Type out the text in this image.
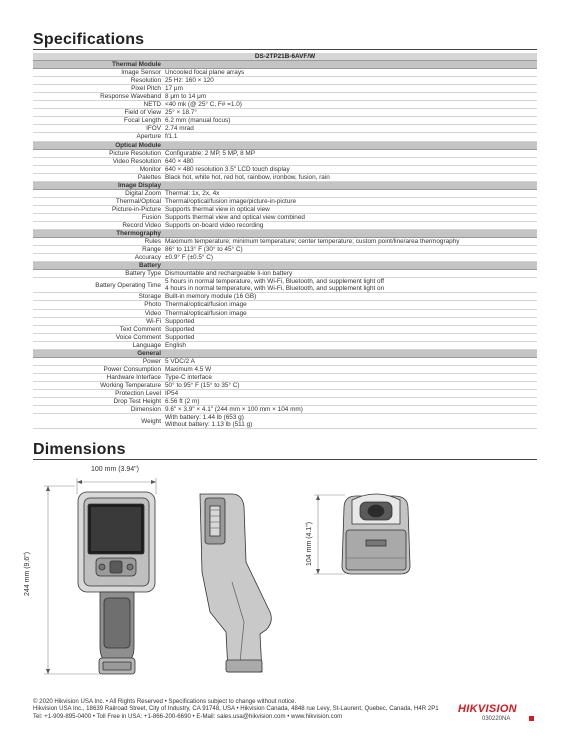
Specifications
DS-2TP21B-6AVF/W	
Thermal Module	
Image Sensor	Uncooled focal plane arrays
Resolution	25 Hz: 160 × 120
Pixel Pitch	17 μm
Response Waveband	8 μm to 14 μm
NETD	<40 mk (@ 25° C, F# =1.0)
Field of View	25° × 18.7°
Focal Length	6.2 mm (manual focus)
IFOV	2.74 mrad
Aperture	f/1.1
Optical Module	
Picture Resolution	Configurable: 2 MP, 5 MP, 8 MP
Video Resolution	640 × 480
Monitor	640 × 480 resolution 3.5" LCD touch display
Palettes	Black hot, white hot, red hot, rainbow, ironbow, fusion, rain
Image Display	
Digital Zoom	Thermal: 1x, 2x, 4x
Thermal/Optical	Thermal/optical/fusion image/picture-in-picture
Picture-in-Picture	Supports thermal view in optical view
Fusion	Supports thermal view and optical view combined
Record Video	Supports on-board video recording
Thermography	
Rules	Maximum temperature; minimum temperature; center temperature; custom point/line/area thermography
Range	86° to 113° F (30° to 45° C)
Accuracy	±0.9° F (±0.5° C)
Battery	
Battery Type	Dismountable and rechargeable li-ion battery
Battery Operating Time	5 hours in normal temperature, with Wi-Fi, Bluetooth, and supplement light off
4 hours in normal temperature, with Wi-Fi, Bluetooth, and supplement light on
Storage	Built-in memory module (16 GB)
Photo	Thermal/optical/fusion image
Video	Thermal/optical/fusion image
Wi-Fi	Supported
Text Comment	Supported
Voice Comment	Supported
Language	English
General	
Power	5 VDC/2 A
Power Consumption	Maximum 4.5 W
Hardware Interface	Type-C interface
Working Temperature	50° to 95° F (15° to 35° C)
Protection Level	IP54
Drop Test Height	6.56 ft (2 m)
Dimension	9.6" × 3.9" × 4.1" (244 mm × 100 mm × 104 mm)
Weight	With battery: 1.44 lb (653 g)
Without battery: 1.13 lb (511 g)
Dimensions
100 mm (3.94")
244 mm (9.6")
104 mm (4.1")
© 2020 Hikvision USA Inc. • All Rights Reserved • Specifications subject to change without notice.
Hikvision USA Inc., 18639 Railroad Street, City of Industry, CA 91748, USA • Hikvision Canada, 4848 rue Levy, St-Laurent, Quebec, Canada, H4R 2P1
Tel: +1-909-895-0400 • Toll Free in USA: +1-866-200-6690 • E-Mail: sales.usa@hikvision.com • www.hikvision.com
HIKVISION
030220NA
